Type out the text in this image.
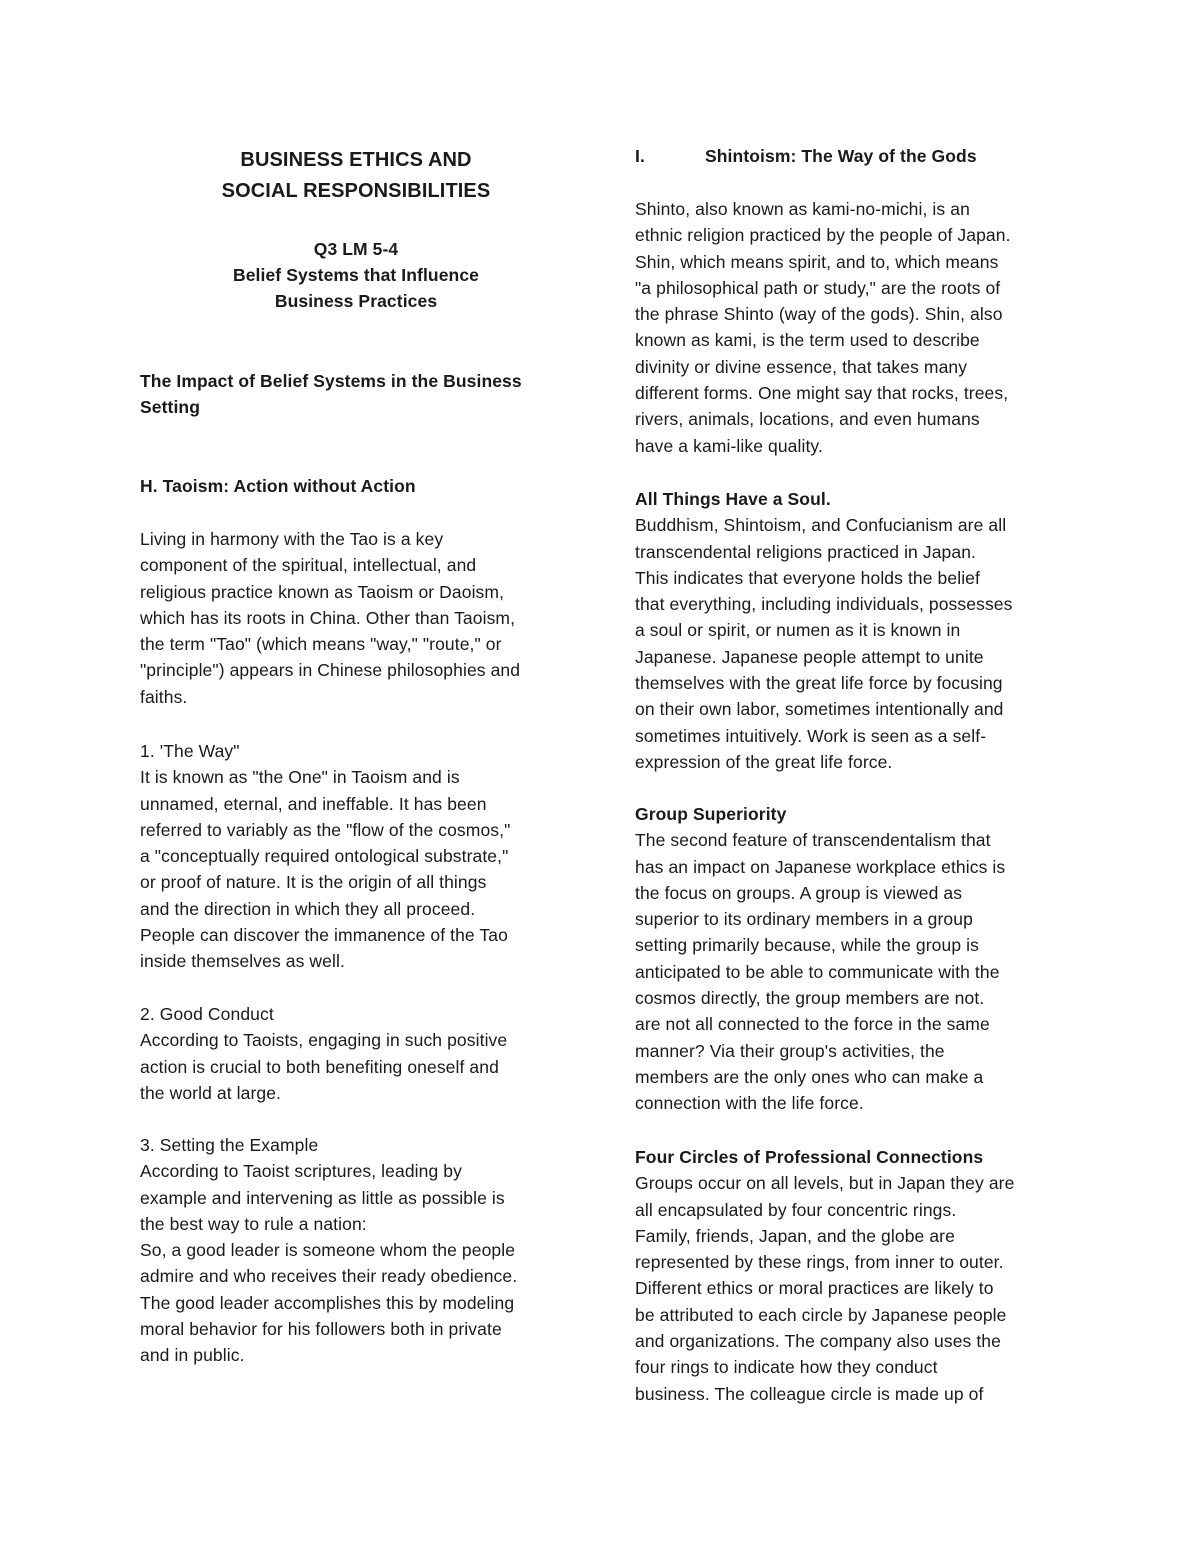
BUSINESS ETHICS AND
SOCIAL RESPONSIBILITIES
Q3 LM 5-4
Belief Systems that Influence
Business Practices
The Impact of Belief Systems in the Business
Setting
H. Taoism: Action without Action
Living in harmony with the Tao is a key
component of the spiritual, intellectual, and
religious practice known as Taoism or Daoism,
which has its roots in China. Other than Taoism,
the term "Tao" (which means "way," "route," or
"principle") appears in Chinese philosophies and
faiths.
1. 'The Way"
It is known as "the One" in Taoism and is
unnamed, eternal, and ineffable. It has been
referred to variably as the "flow of the cosmos,"
a "conceptually required ontological substrate,"
or proof of nature. It is the origin of all things
and the direction in which they all proceed.
People can discover the immanence of the Tao
inside themselves as well.
2. Good Conduct
According to Taoists, engaging in such positive
action is crucial to both benefiting oneself and
the world at large.
3. Setting the Example
According to Taoist scriptures, leading by
example and intervening as little as possible is
the best way to rule a nation:
So, a good leader is someone whom the people
admire and who receives their ready obedience.
The good leader accomplishes this by modeling
moral behavior for his followers both in private
and in public.
I.	Shintoism: The Way of the Gods
Shinto, also known as kami-no-michi, is an
ethnic religion practiced by the people of Japan.
Shin, which means spirit, and to, which means
"a philosophical path or study," are the roots of
the phrase Shinto (way of the gods). Shin, also
known as kami, is the term used to describe
divinity or divine essence, that takes many
different forms. One might say that rocks, trees,
rivers, animals, locations, and even humans
have a kami-like quality.
All Things Have a Soul.
Buddhism, Shintoism, and Confucianism are all
transcendental religions practiced in Japan.
This indicates that everyone holds the belief
that everything, including individuals, possesses
a soul or spirit, or numen as it is known in
Japanese. Japanese people attempt to unite
themselves with the great life force by focusing
on their own labor, sometimes intentionally and
sometimes intuitively. Work is seen as a self-
expression of the great life force.
Group Superiority
The second feature of transcendentalism that
has an impact on Japanese workplace ethics is
the focus on groups. A group is viewed as
superior to its ordinary members in a group
setting primarily because, while the group is
anticipated to be able to communicate with the
cosmos directly, the group members are not.
are not all connected to the force in the same
manner? Via their group's activities, the
members are the only ones who can make a
connection with the life force.
Four Circles of Professional Connections
Groups occur on all levels, but in Japan they are
all encapsulated by four concentric rings.
Family, friends, Japan, and the globe are
represented by these rings, from inner to outer.
Different ethics or moral practices are likely to
be attributed to each circle by Japanese people
and organizations. The company also uses the
four rings to indicate how they conduct
business. The colleague circle is made up of
